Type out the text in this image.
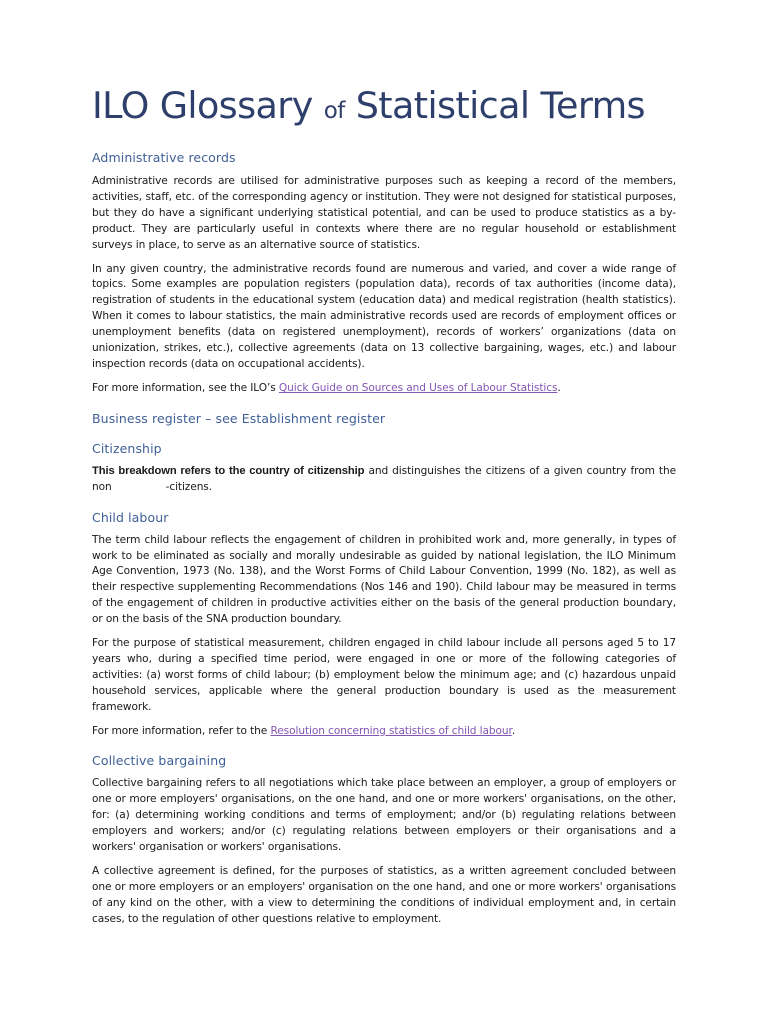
ILO Glossary of Statistical Terms
Administrative records

Administrative records are utilised for administrative purposes such as keeping a record of the members, activities, staff, etc. of the corresponding agency or institution. They were not designed for statistical purposes, but they do have a significant underlying statistical potential, and can be used to produce statistics as a by-product. They are particularly useful in contexts where there are no regular household or establishment surveys in place, to serve as an alternative source of statistics.

In any given country, the administrative records found are numerous and varied, and cover a wide range of topics. Some examples are population registers (population data), records of tax authorities (income data), registration of students in the educational system (education data) and medical registration (health statistics). When it comes to labour statistics, the main administrative records used are records of employment offices or unemployment benefits (data on registered unemployment), records of workers’ organizations (data on unionization, strikes, etc.), collective agreements (data on 13 collective bargaining, wages, etc.) and labour inspection records (data on occupational accidents).

For more information, see the ILO’s Quick Guide on Sources and Uses of Labour Statistics.

Business register – see Establishment register
Citizenship

This breakdown refers to the country of citizenship and distinguishes the citizens of a given country from the non	-citizens.

Child labour

The term child labour reflects the engagement of children in prohibited work and, more generally, in types of work to be eliminated as socially and morally undesirable as guided by national legislation, the ILO Minimum Age Convention, 1973 (No. 138), and the Worst Forms of Child Labour Convention, 1999 (No. 182), as well as their respective supplementing Recommendations (Nos 146 and 190). Child labour may be measured in terms of the engagement of children in productive activities either on the basis of the general production boundary, or on the basis of the SNA production boundary.

For the purpose of statistical measurement, children engaged in child labour include all persons aged 5 to 17 years who, during a specified time period, were engaged in one or more of the following categories of activities: (a) worst forms of child labour; (b) employment below the minimum age; and (c) hazardous unpaid household services, applicable where the general production boundary is used as the measurement framework.

For more information, refer to the Resolution concerning statistics of child labour.

Collective bargaining

Collective bargaining refers to all negotiations which take place between an employer, a group of employers or one or more employers' organisations, on the one hand, and one or more workers' organisations, on the other, for: (a) determining working conditions and terms of employment; and/or (b) regulating relations between employers and workers; and/or (c) regulating relations between employers or their organisations and a workers' organisation or workers' organisations.

A collective agreement is defined, for the purposes of statistics, as a written agreement concluded between one or more employers or an employers' organisation on the one hand, and one or more workers' organisations of any kind on the other, with a view to determining the conditions of individual employment and, in certain cases, to the regulation of other questions relative to employment.
